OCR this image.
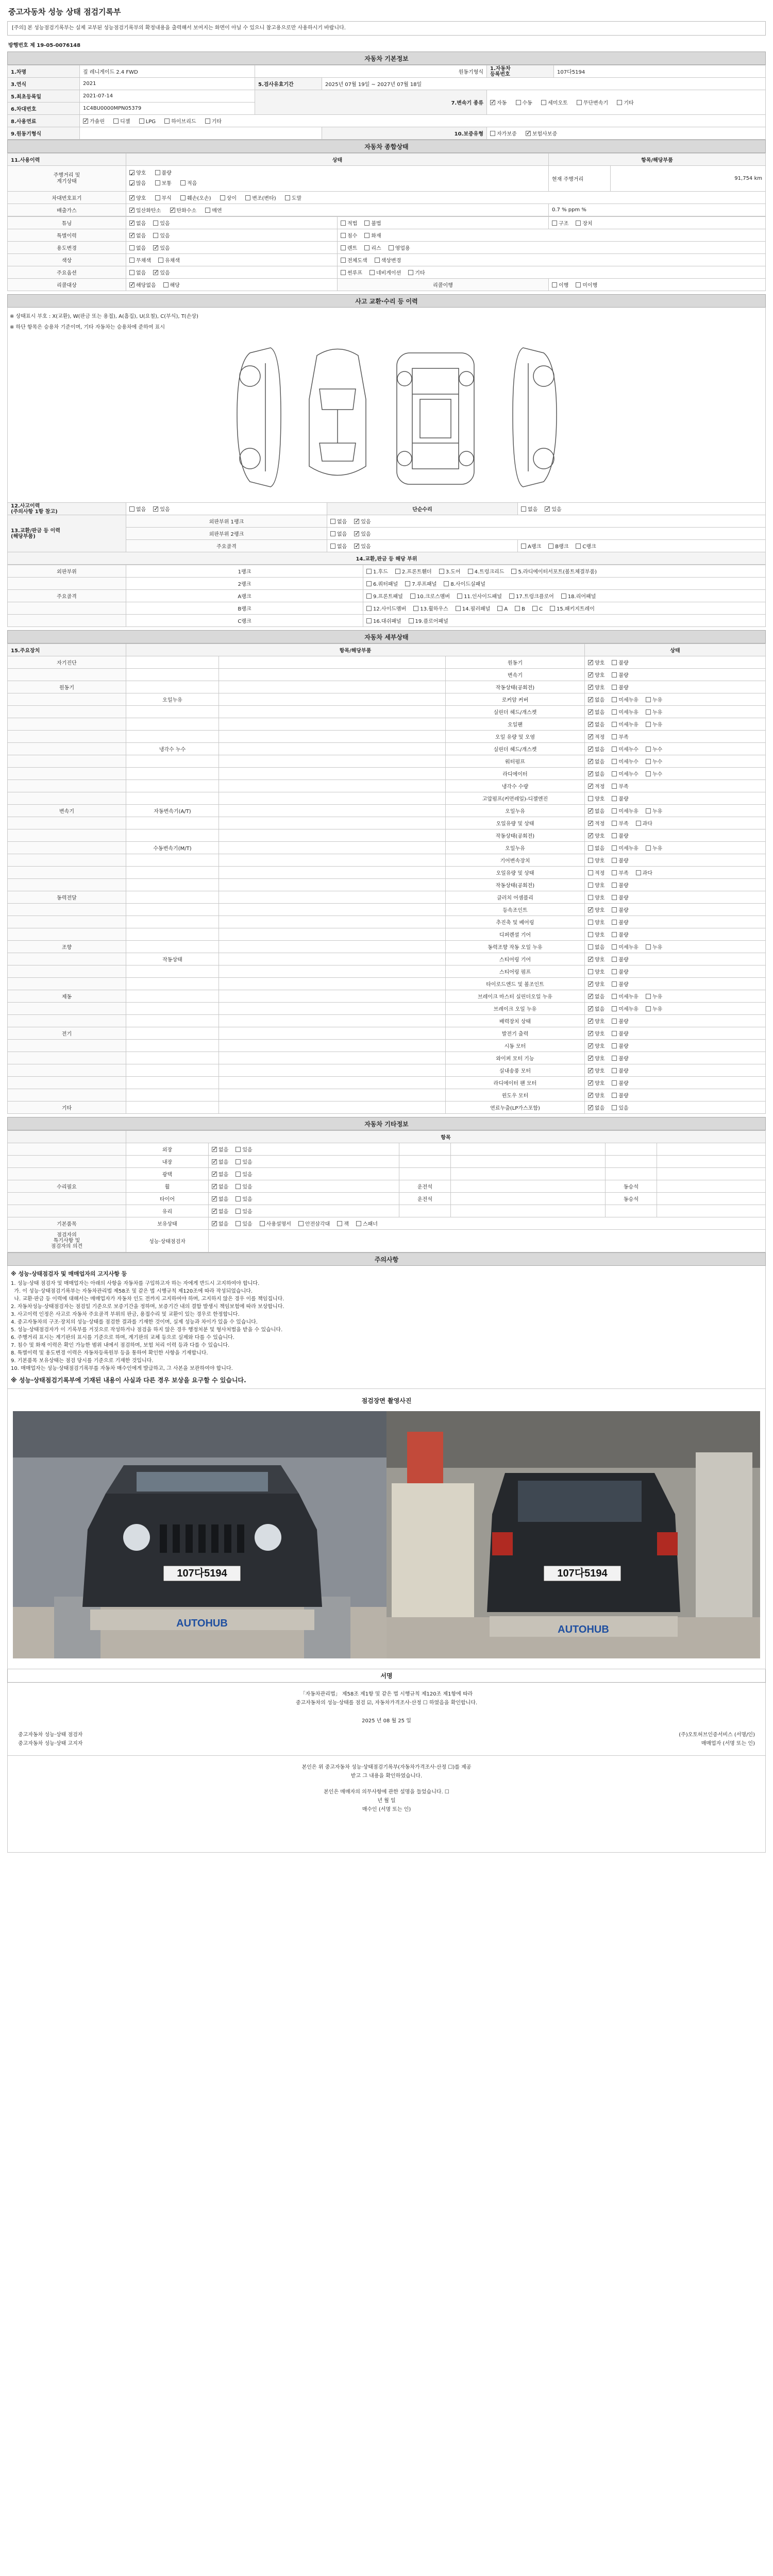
중고자동차 성능 상태 점검기록부
[주의] 본 성능점검기록부는 실제 교부된 성능점검기록부의 확정내용을 출력해서 보여지는 화면이 아닐 수 있으니 참고용으로만 사용하시기 바랍니다.
방행번호 제 19-05-0076148
자동차 기본정보
1.차명	짚 레니게이드 2.4 FWD	원동기형식		1.자동차
등록번호	107다5194
3.연식	2021	5.검사유효기간	2025년 07월 19일 ~ 2027년 07월 18일		
5.최초등록일	2021-07-14	7.변속기 종류	✓자동 수동 세미오토 무단변속기 기타
6.차대번호	1C4BU0000MPN05379				
8.사용연료	✓가솔린 디젤 LPG 하이브리드 기타
9.원동기형식			10.보증유형	자가보증 ✓ 보험사보증
자동차 종합상태
11.사용이력	상태	항목/해당부품	
주행거리 및
계기상태	✓양호 불량
✓많음 보통 적음	현재 주행거리	91,754 km
차대번호표기	✓양호 부식 훼손(오손) 상이 변조(변타) 도말
배출가스	✓일산화탄소 ✓ 탄화수소 매연	0.7 % ppm %	
튜닝	✓없음 있음	적법 불법	구조 장치
특별이력	✓없음 있음	침수 화재	
용도변경	없음 ✓ 있음	렌트 리스 영업용	
색상	무채색 유채색	전체도색 색상변경	
주요옵션	없음 ✓ 있음	썬루프 네비게이션 기타	
리콜대상	✓해당없음 해당	리콜이행	이행 미이행
사고 교환·수리 등 이력
※ 상태표시 부호 : X(교환), W(판금 또는 용접), A(흠집), U(요철), C(부식), T(손상)
※ 하단 항목은 승용차 기준이며, 기타 자동차는 승용차에 준하여 표시
12.사고이력
(주의사항 1항 참고)	없음 ✓ 있음	단순수리	없음 ✓ 있음
13.교환/판금 등 이력
(해당부품)	외판부위 1랭크	없음 ✓ 있음
	외판부위 2랭크	없음 ✓ 있음
	주요골격	없음 ✓ 있음	A랭크 B랭크 C랭크
14.교환,판금 등 해당 부위			
외판부위	1랭크	1.후드 2.프론트휀더 3.도어 4.트렁크리드 5.라디에이터서포트(볼트체결부품)
	2랭크	6.쿼터패널 7.루프패널 8.사이드실패널
주요골격	A랭크	9.프론트패널 10.크로스멤버 11.인사이드패널 17.트렁크플로어 18.리어패널
	B랭크	12.사이드멤버 13.휠하우스 14.필러패널 A B C 15.패키지트레이
	C랭크	16.대쉬패널 19.플로어패널
자동차 세부상태
15.주요장치	항목/해당부품			상태
자기진단			원동기	✓양호 불량
			변속기	✓양호 불량
원동기			작동상태(공회전)	✓양호 불량
	오일누유		로커암 커버	✓없음 미세누유 누유
			실린더 헤드/개스켓	✓없음 미세누유 누유
			오일팬	✓없음 미세누유 누유
			오일 유량 및 오염	✓적정 부족
	냉각수 누수		실린더 헤드/개스켓	✓없음 미세누수 누수
			워터펌프	✓없음 미세누수 누수
			라디에이터	✓없음 미세누수 누수
			냉각수 수량	✓적정 부족
			고압펌프(커먼레일)-디젤엔진	양호 불량
변속기	자동변속기(A/T)		오일누유	✓없음 미세누유 누유
			오일유량 및 상태	✓적정 부족 과다
			작동상태(공회전)	✓양호 불량
	수동변속기(M/T)		오일누유	없음 미세누유 누유
			기어변속장치	양호 불량
			오일유량 및 상태	적정 부족 과다
			작동상태(공회전)	양호 불량
동력전달			클러치 어셈블리	양호 불량
			등속조인트	✓양호 불량
			추진축 및 베어링	양호 불량
			디퍼렌셜 기어	양호 불량
조향			동력조향 작동 오일 누유	없음 미세누유 누유
	작동상태		스티어링 기어	✓양호 불량
			스티어링 펌프	양호 불량
			타이로드엔드 및 볼조인트	✓양호 불량
제동			브레이크 마스터 실린더오일 누유	✓없음 미세누유 누유
			브레이크 오일 누유	✓없음 미세누유 누유
			배력장치 상태	✓양호 불량
전기			발전기 출력	✓양호 불량
			시동 모터	✓양호 불량
			와이퍼 모터 기능	✓양호 불량
			실내송풍 모터	✓양호 불량
			라디에이터 팬 모터	✓양호 불량
			윈도우 모터	✓양호 불량
기타			연료누출(LP가스포함)	✓없음 있음
자동차 기타정보
	항목					
	외장	✓없음 있음				
	내장	✓없음 있음				
	광택	✓없음 있음				
수리필요	휠	✓없음 있음	운전석		동승석	
	타이어	✓없음 있음	운전석		동승석	
	유리	✓없음 있음				
기본품목	보유상태	✓없음 있음 사용설명서 안전삼각대 잭 스패너
점검자의
특기사항 및
점검자의 의견	성능·상태점검자					
주의사항
※ 성능·상태점검자 및 매매업자의 고지사항 등
1. 성능·상태 점검자 및 매매업자는 아래의 사항을 자동차를 구입하고자 하는 자에게 반드시 고지하여야 합니다.
가. 이 성능·상태점검기록부는 자동차관리법 제58조 및 같은 법 시행규칙 제120조에 따라 작성되었습니다.
나. 교환·판금 등 이력에 대해서는 매매업자가 자동차 인도 전까지 고지하여야 하며, 고지하지 않은 경우 이를 책임집니다.
2. 자동차성능·상태점검자는 점검일 기준으로 보증기간을 정하며, 보증기간 내의 결함 발생시 책임보험에 따라 보상합니다.
3. 사고이력 인정은 사고로 자동차 주요골격 부위의 판금, 용접수리 및 교환이 있는 경우로 한정합니다.
4. 중고자동차의 구조·장치의 성능·상태를 점검한 결과를 기재한 것이며, 실제 성능과 차이가 있을 수 있습니다.
5. 성능·상태점검자가 이 기록부를 거짓으로 작성하거나 점검을 하지 않은 경우 행정처분 및 형사처벌을 받을 수 있습니다.
6. 주행거리 표시는 계기판의 표시를 기준으로 하며, 계기판의 교체 등으로 실제와 다를 수 있습니다.
7. 침수 및 화재 이력은 확인 가능한 범위 내에서 점검하며, 보험 처리 이력 등과 다를 수 있습니다.
8. 특별이력 및 용도변경 이력은 자동차등록원부 등을 통하여 확인한 사항을 기재합니다.
9. 기본품목 보유상태는 점검 당시를 기준으로 기재한 것입니다.
10. 매매업자는 성능·상태점검기록부를 자동차 매수인에게 발급하고, 그 사본을 보관하여야 합니다.
※ 성능·상태점검기록부에 기재된 내용이 사실과 다른 경우 보상을 요구할 수 있습니다.
점검장면 촬영사진
107다5194
AUTOHUB
107다5194
AUTOHUB
서명
「자동차관리법」 제58조 제1항 및 같은 법 시행규칙 제120조 제1항에 따라
중고자동차의 성능·상태를 점검 ☑, 자동차가격조사·산정 ☐ 하였음을 확인합니다.
2025 년 08 월 25 일
중고자동차 성능·상태 점검자	(주)오토허브인증서비스 (서명/인)
중고자동차 성능·상태 고지자	매매업자 (서명 또는 인)
본인은 위 중고자동차 성능·상태점검기록부(자동차가격조사·산정 ☐)를 제공
받고 그 내용을 확인하였습니다.
본인은 매매자의 의무사항에 관한 설명을 들었습니다. ☐
년 월 일
매수인 (서명 또는 인)
